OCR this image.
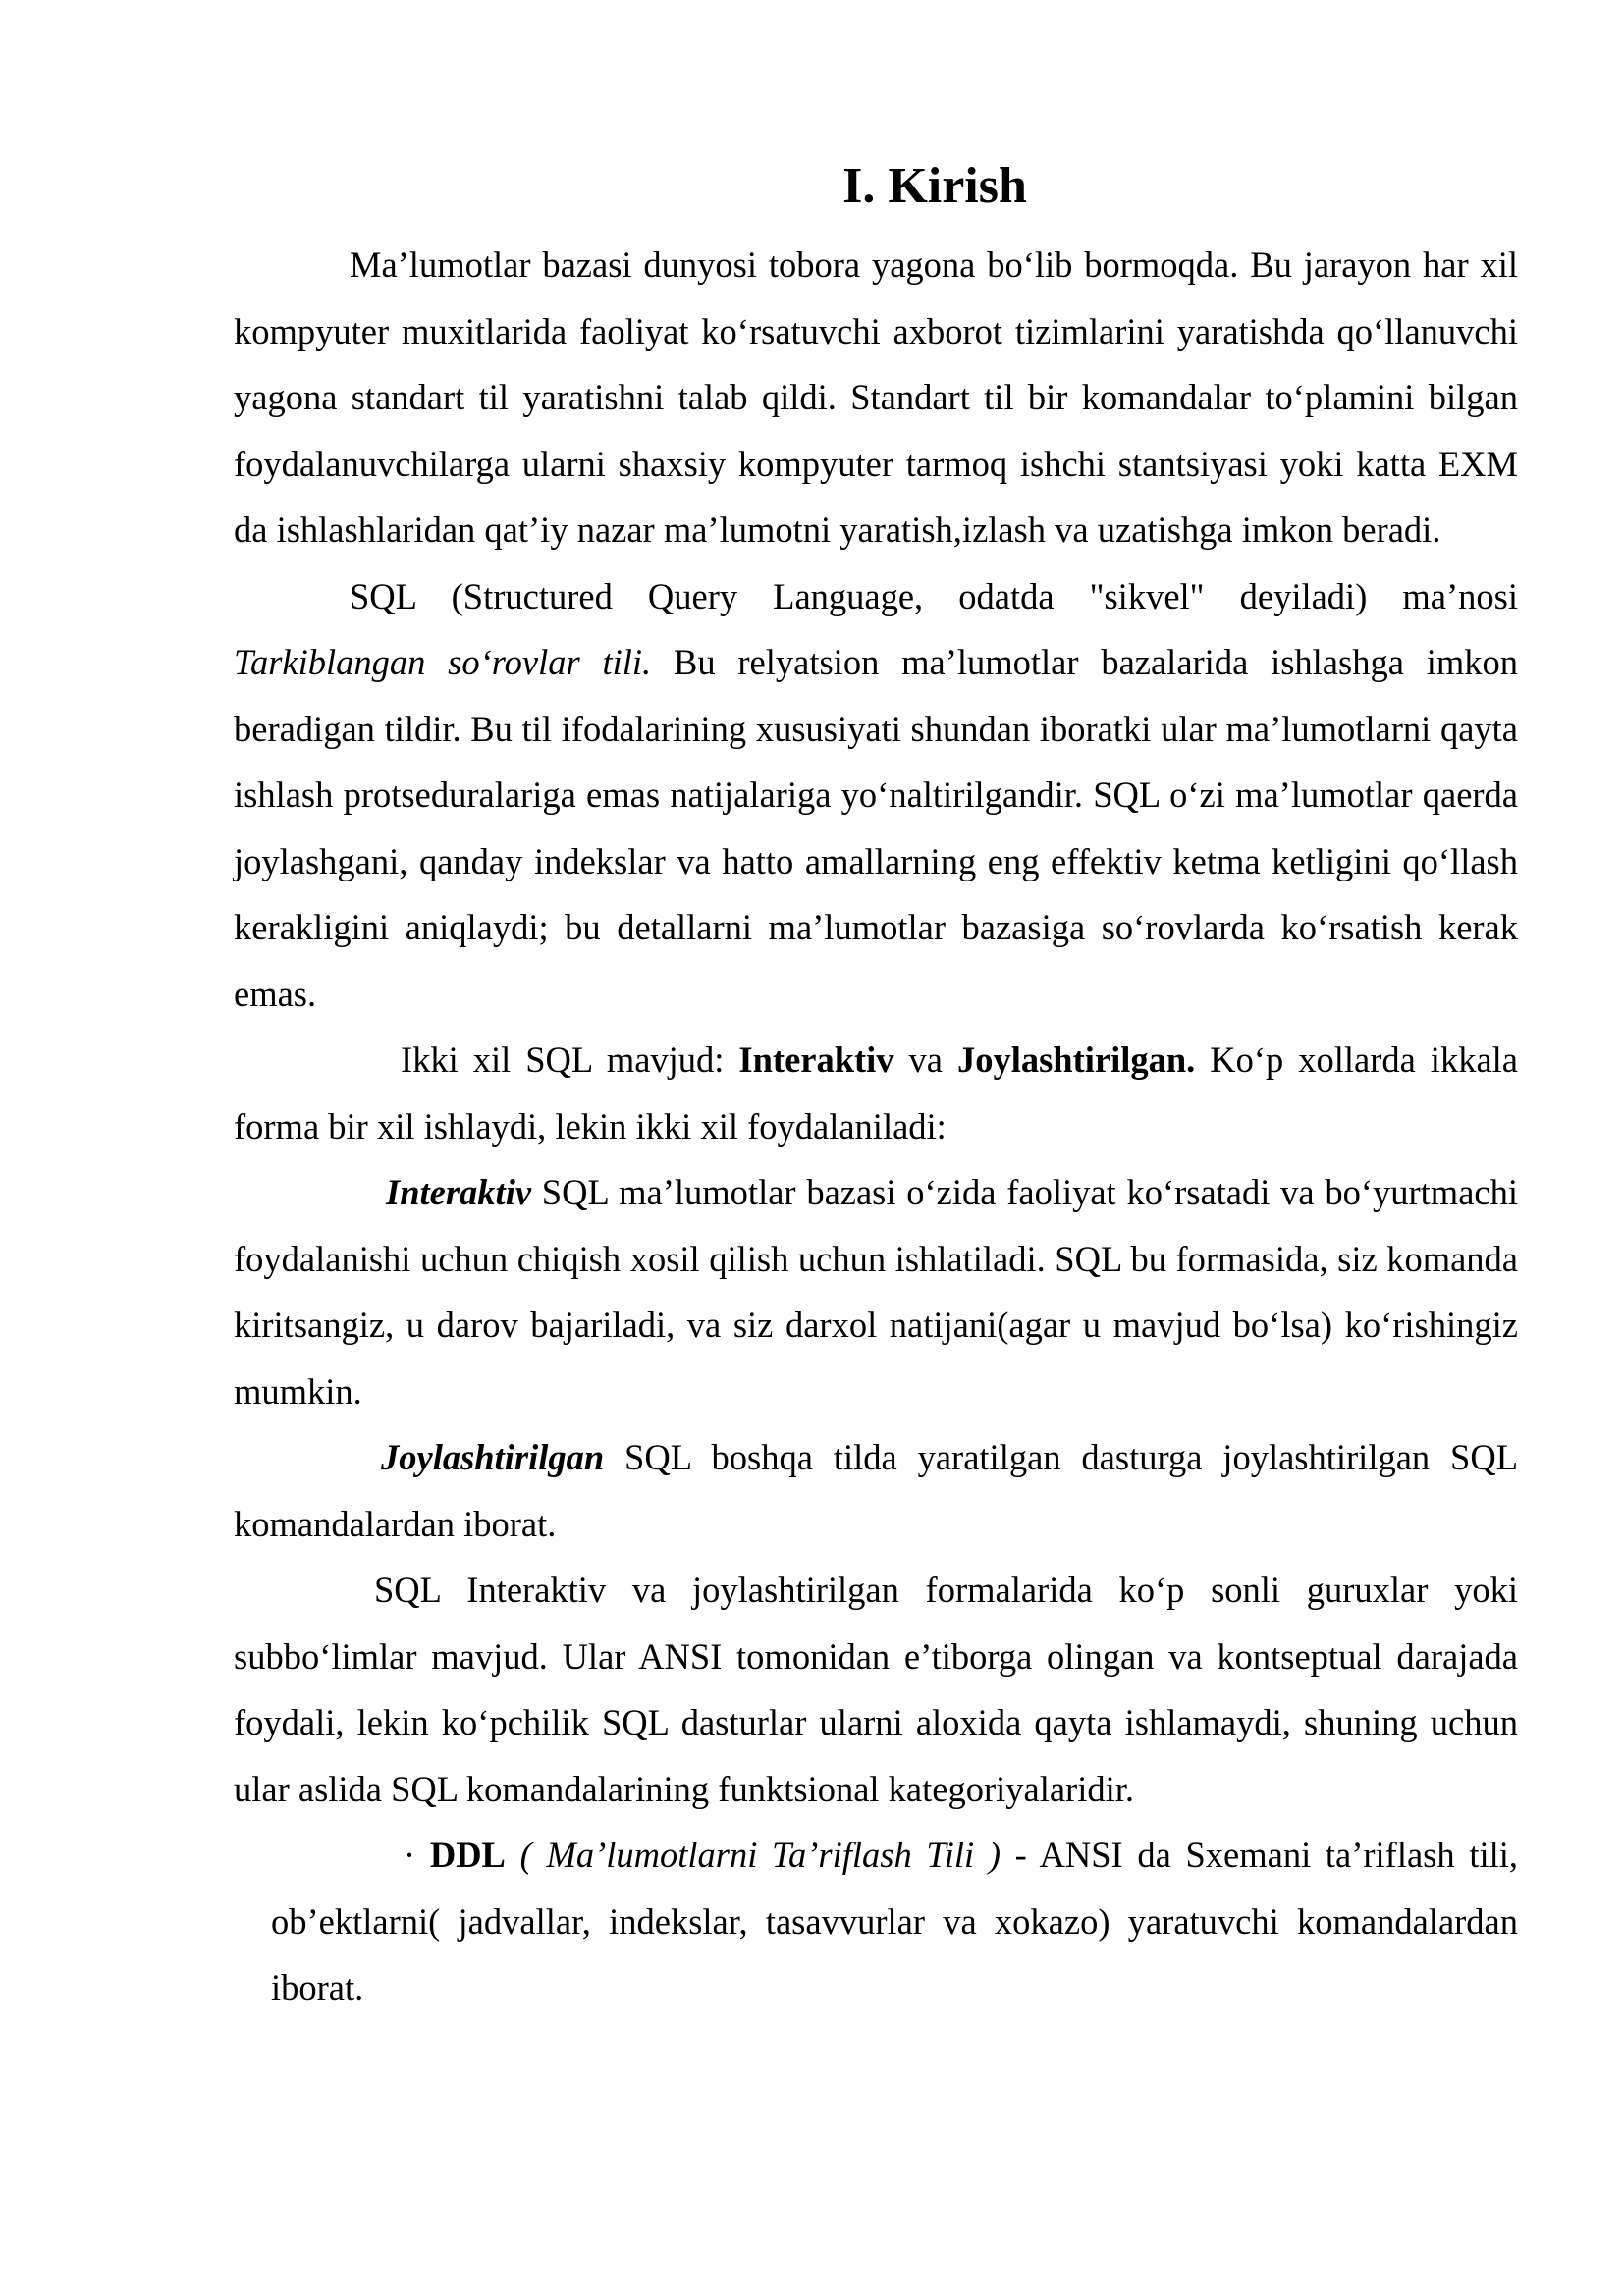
I. Kirish

Ma’lumotlar bazasi dunyosi tobora yagona bo‘lib bormoqda. Bu jarayon har xil kompyuter muxitlarida faoliyat ko‘rsatuvchi axborot tizimlarini yaratishda qo‘llanuvchi yagona standart til yaratishni talab qildi. Standart til bir komandalar to‘plamini bilgan foydalanuvchilarga ularni shaxsiy kompyuter tarmoq ishchi stantsiyasi yoki katta EXM da ishlashlaridan qat’iy nazar ma’lumotni yaratish,izlash va uzatishga imkon beradi.

SQL (Structured Query Language, odatda "sikvel" deyiladi) ma’nosi Tarkiblangan so‘rovlar tili. Bu relyatsion ma’lumotlar bazalarida ishlashga imkon beradigan tildir. Bu til ifodalarining xususiyati shundan iboratki ular ma’lumotlarni qayta ishlash protseduralariga emas natijalariga yo‘naltirilgandir. SQL o‘zi ma’lumotlar qaerda joylashgani, qanday indekslar va hatto amallarning eng effektiv ketma ketligini qo‘llash kerakligini aniqlaydi; bu detallarni ma’lumotlar bazasiga so‘rovlarda ko‘rsatish kerak emas.

Ikki xil SQL mavjud: Interaktiv va Joylashtirilgan. Ko‘p xollarda ikkala forma bir xil ishlaydi, lekin ikki xil foydalaniladi:

Interaktiv SQL ma’lumotlar bazasi o‘zida faoliyat ko‘rsatadi va bo‘yurtmachi foydalanishi uchun chiqish xosil qilish uchun ishlatiladi. SQL bu formasida, siz komanda kiritsangiz, u darov bajariladi, va siz darxol natijani(agar u mavjud bo‘lsa) ko‘rishingiz mumkin.

Joylashtirilgan SQL boshqa tilda yaratilgan dasturga joylashtirilgan SQL komandalardan iborat.

SQL Interaktiv va joylashtirilgan formalarida ko‘p sonli guruxlar yoki subbo‘limlar mavjud. Ular ANSI tomonidan e’tiborga olingan va kontseptual darajada foydali, lekin ko‘pchilik SQL dasturlar ularni aloxida qayta ishlamaydi, shuning uchun ular aslida SQL komandalarining funktsional kategoriyalaridir.

· DDL ( Ma’lumotlarni Ta’riflash Tili ) - ANSI da Sxemani ta’riflash tili, ob’ektlarni( jadvallar, indekslar, tasavvurlar va xokazo) yaratuvchi komandalardan iborat.
